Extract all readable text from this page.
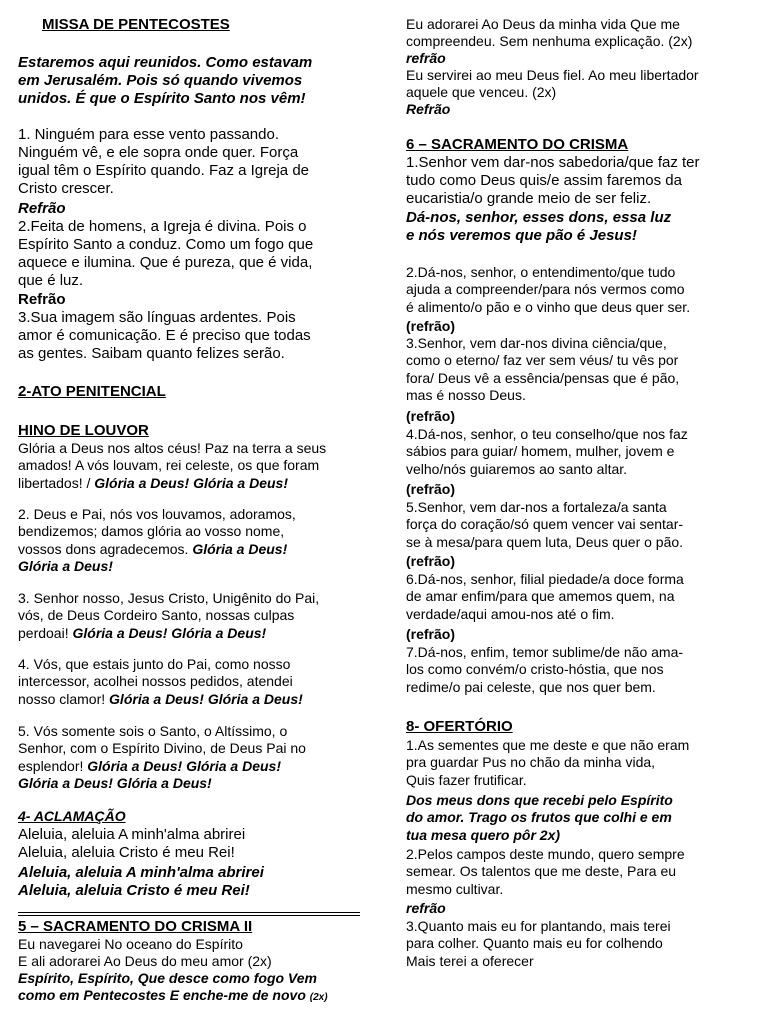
MISSA DE PENTECOSTES
Estaremos aqui reunidos. Como estavam
em Jerusalém. Pois só quando vivemos
unidos. É que o Espírito Santo nos vêm!
1. Ninguém para esse vento passando.
Ninguém vê, e ele sopra onde quer. Força
igual têm o Espírito quando. Faz a Igreja de
Cristo crescer.
Refrão
2.Feita de homens, a Igreja é divina. Pois o
Espírito Santo a conduz. Como um fogo que
aquece e ilumina. Que é pureza, que é vida,
que é luz.
Refrão
3.Sua imagem são línguas ardentes. Pois
amor é comunicação. E é preciso que todas
as gentes. Saibam quanto felizes serão.
2-ATO PENITENCIAL
HINO DE LOUVOR
Glória a Deus nos altos céus! Paz na terra a seus
amados! A vós louvam, rei celeste, os que foram
libertados! / Glória a Deus! Glória a Deus!
2. Deus e Pai, nós vos louvamos, adoramos,
bendizemos; damos glória ao vosso nome,
vossos dons agradecemos. Glória a Deus!
Glória a Deus!
3. Senhor nosso, Jesus Cristo, Unigênito do Pai,
vós, de Deus Cordeiro Santo, nossas culpas
perdoai! Glória a Deus! Glória a Deus!
4. Vós, que estais junto do Pai, como nosso
intercessor, acolhei nossos pedidos, atendei
nosso clamor! Glória a Deus! Glória a Deus!
5. Vós somente sois o Santo, o Altíssimo, o
Senhor, com o Espírito Divino, de Deus Pai no
esplendor! Glória a Deus! Glória a Deus!
Glória a Deus! Glória a Deus!
4- ACLAMAÇÃO
Aleluia, aleluia A minh'alma abrirei
Aleluia, aleluia Cristo é meu Rei!
Aleluia, aleluia A minh'alma abrirei
Aleluia, aleluia Cristo é meu Rei!
5 – SACRAMENTO DO CRISMA II
Eu navegarei No oceano do Espírito
E ali adorarei Ao Deus do meu amor (2x)
Espírito, Espírito, Que desce como fogo Vem
como em Pentecostes E enche-me de novo (2x)
Eu adorarei Ao Deus da minha vida Que me
compreendeu. Sem nenhuma explicação. (2x)
refrão
Eu servirei ao meu Deus fiel. Ao meu libertador
aquele que venceu. (2x)
Refrão
6 – SACRAMENTO DO CRISMA
1.Senhor vem dar-nos sabedoria/que faz ter
tudo como Deus quis/e assim faremos da
eucaristia/o grande meio de ser feliz.
Dá-nos, senhor, esses dons, essa luz
e nós veremos que pão é Jesus!
2.Dá-nos, senhor, o entendimento/que tudo
ajuda a compreender/para nós vermos como
é alimento/o pão e o vinho que deus quer ser.
(refrão)
3.Senhor, vem dar-nos divina ciência/que,
como o eterno/ faz ver sem véus/ tu vês por
fora/ Deus vê a essência/pensas que é pão,
mas é nosso Deus.
(refrão)
4.Dá-nos, senhor, o teu conselho/que nos faz
sábios para guiar/ homem, mulher, jovem e
velho/nós guiaremos ao santo altar.
(refrão)
5.Senhor, vem dar-nos a fortaleza/a santa
força do coração/só quem vencer vai sentar-
se à mesa/para quem luta, Deus quer o pão.
(refrão)
6.Dá-nos, senhor, filial piedade/a doce forma
de amar enfim/para que amemos quem, na
verdade/aqui amou-nos até o fim.
(refrão)
7.Dá-nos, enfim, temor sublime/de não ama-
los como convém/o cristo-hóstia, que nos
redime/o pai celeste, que nos quer bem.
8- OFERTÓRIO
1.As sementes que me deste e que não eram
pra guardar Pus no chão da minha vida,
Quis fazer frutificar.
Dos meus dons que recebi pelo Espírito
do amor. Trago os frutos que colhi e em
tua mesa quero pôr 2x)
2.Pelos campos deste mundo, quero sempre
semear. Os talentos que me deste, Para eu
mesmo cultivar.
refrão
3.Quanto mais eu for plantando, mais terei
para colher. Quanto mais eu for colhendo
Mais terei a oferecer
